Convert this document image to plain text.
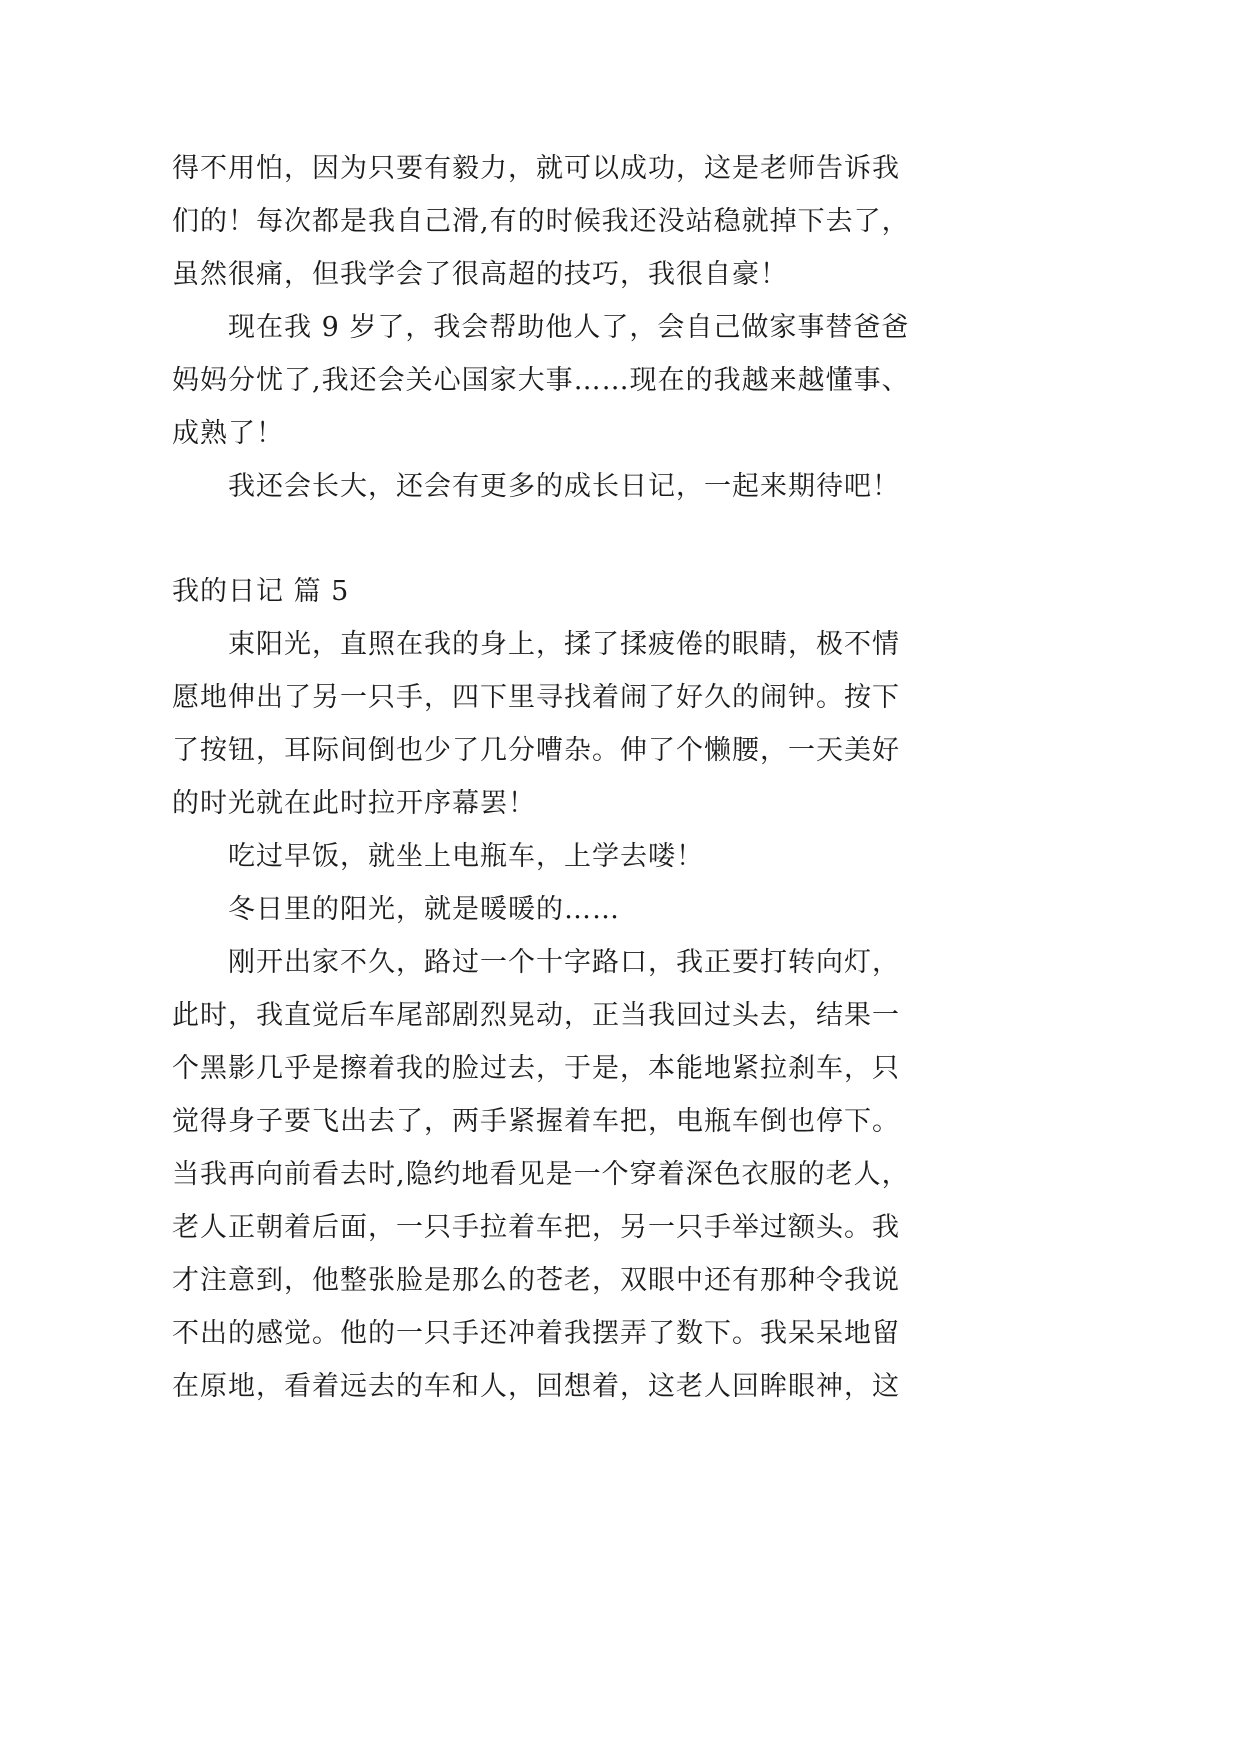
得不用怕，因为只要有毅力，就可以成功，这是老师告诉我
们的！每次都是我自己滑,有的时候我还没站稳就掉下去了，
虽然很痛，但我学会了很高超的技巧，我很自豪！
现在我 9 岁了，我会帮助他人了，会自己做家事替爸爸
妈妈分忧了,我还会关心国家大事……现在的我越来越懂事、
成熟了！
我还会长大，还会有更多的成长日记，一起来期待吧！
我的日记 篇 5
束阳光，直照在我的身上，揉了揉疲倦的眼睛，极不情
愿地伸出了另一只手，四下里寻找着闹了好久的闹钟。按下
了按钮，耳际间倒也少了几分嘈杂。伸了个懒腰，一天美好
的时光就在此时拉开序幕罢！
吃过早饭，就坐上电瓶车，上学去喽！
冬日里的阳光，就是暖暖的……
刚开出家不久，路过一个十字路口，我正要打转向灯，
此时，我直觉后车尾部剧烈晃动，正当我回过头去，结果一
个黑影几乎是擦着我的脸过去，于是，本能地紧拉刹车，只
觉得身子要飞出去了，两手紧握着车把，电瓶车倒也停下。
当我再向前看去时,隐约地看见是一个穿着深色衣服的老人，
老人正朝着后面，一只手拉着车把，另一只手举过额头。我
才注意到，他整张脸是那么的苍老，双眼中还有那种令我说
不出的感觉。他的一只手还冲着我摆弄了数下。我呆呆地留
在原地，看着远去的车和人，回想着，这老人回眸眼神，这
